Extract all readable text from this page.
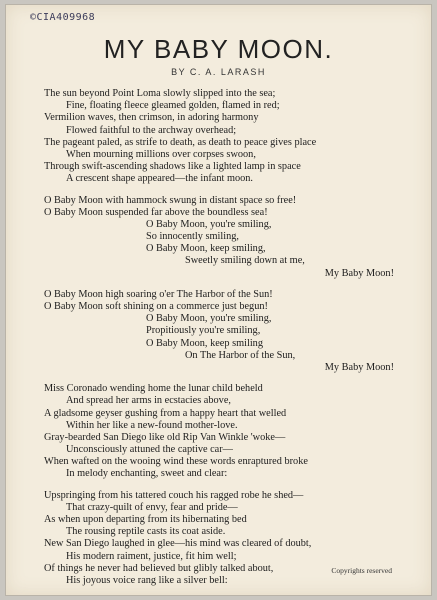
©CIA409968
MY BABY MOON.
BY C. A. LARASH
The sun beyond Point Loma slowly slipped into the sea;
Fine, floating fleece gleamed golden, flamed in red;
Vermilion waves, then crimson, in adoring harmony
Flowed faithful to the archway overhead;
The pageant paled, as strife to death, as death to peace gives place
When mourning millions over corpses swoon,
Through swift-ascending shadows like a lighted lamp in space
A crescent shape appeared—the infant moon.
O Baby Moon with hammock swung in distant space so free!
O Baby Moon suspended far above the boundless sea!
O Baby Moon, you're smiling,
So innocently smiling,
O Baby Moon, keep smiling,
Sweetly smiling down at me,
My Baby Moon!
O Baby Moon high soaring o'er The Harbor of the Sun!
O Baby Moon soft shining on a commerce just begun!
O Baby Moon, you're smiling,
Propitiously you're smiling,
O Baby Moon, keep smiling
On The Harbor of the Sun,
My Baby Moon!
Miss Coronado wending home the lunar child beheld
And spread her arms in ecstacies above,
A gladsome geyser gushing from a happy heart that welled
Within her like a new-found mother-love.
Gray-bearded San Diego like old Rip Van Winkle 'woke—
Unconsciously attuned the captive car—
When wafted on the wooing wind these words enraptured broke
In melody enchanting, sweet and clear:
Upspringing from his tattered couch his ragged robe he shed—
That crazy-quilt of envy, fear and pride—
As when upon departing from its hibernating bed
The rousing reptile casts its coat aside.
New San Diego laughed in glee—his mind was cleared of doubt,
His modern raiment, justice, fit him well;
Of things he never had believed but glibly talked about,
His joyous voice rang like a silver bell:
Copyrights reserved
